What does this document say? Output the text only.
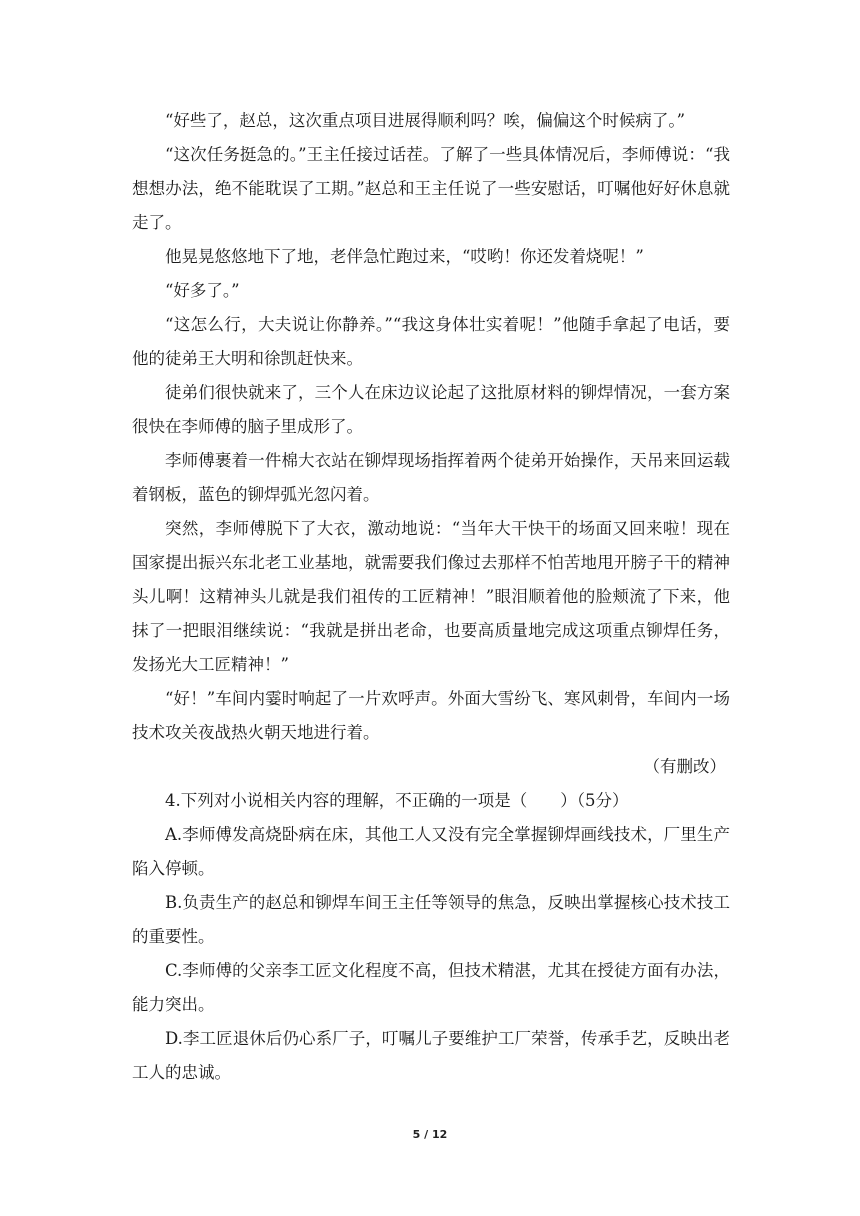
“好些了，赵总，这次重点项目进展得顺利吗？唉，偏偏这个时候病了。”

“这次任务挺急的。”王主任接过话茬。了解了一些具体情况后，李师傅说：“我想想办法，绝不能耽误了工期。”赵总和王主任说了一些安慰话，叮嘱他好好休息就走了。

他晃晃悠悠地下了地，老伴急忙跑过来，“哎哟！你还发着烧呢！”

“好多了。”

“这怎么行，大夫说让你静养。”“我这身体壮实着呢！”他随手拿起了电话，要他的徒弟王大明和徐凯赶快来。

徒弟们很快就来了，三个人在床边议论起了这批原材料的铆焊情况，一套方案很快在李师傅的脑子里成形了。

李师傅裹着一件棉大衣站在铆焊现场指挥着两个徒弟开始操作，天吊来回运载着钢板，蓝色的铆焊弧光忽闪着。

突然，李师傅脱下了大衣，激动地说：“当年大干快干的场面又回来啦！现在国家提出振兴东北老工业基地，就需要我们像过去那样不怕苦地甩开膀子干的精神头儿啊！这精神头儿就是我们祖传的工匠精神！”眼泪顺着他的脸颊流了下来，他抹了一把眼泪继续说：“我就是拼出老命，也要高质量地完成这项重点铆焊任务，发扬光大工匠精神！”

“好！”车间内霎时响起了一片欢呼声。外面大雪纷飞、寒风刺骨，车间内一场技术攻关夜战热火朝天地进行着。

（有删改）

4.下列对小说相关内容的理解，不正确的一项是（　　）（5分）

A.李师傅发高烧卧病在床，其他工人又没有完全掌握铆焊画线技术，厂里生产陷入停顿。

B.负责生产的赵总和铆焊车间王主任等领导的焦急，反映出掌握核心技术技工的重要性。

C.李师傅的父亲李工匠文化程度不高，但技术精湛，尤其在授徒方面有办法，能力突出。

D.李工匠退休后仍心系厂子，叮嘱儿子要维护工厂荣誉，传承手艺，反映出老工人的忠诚。

5 / 12
